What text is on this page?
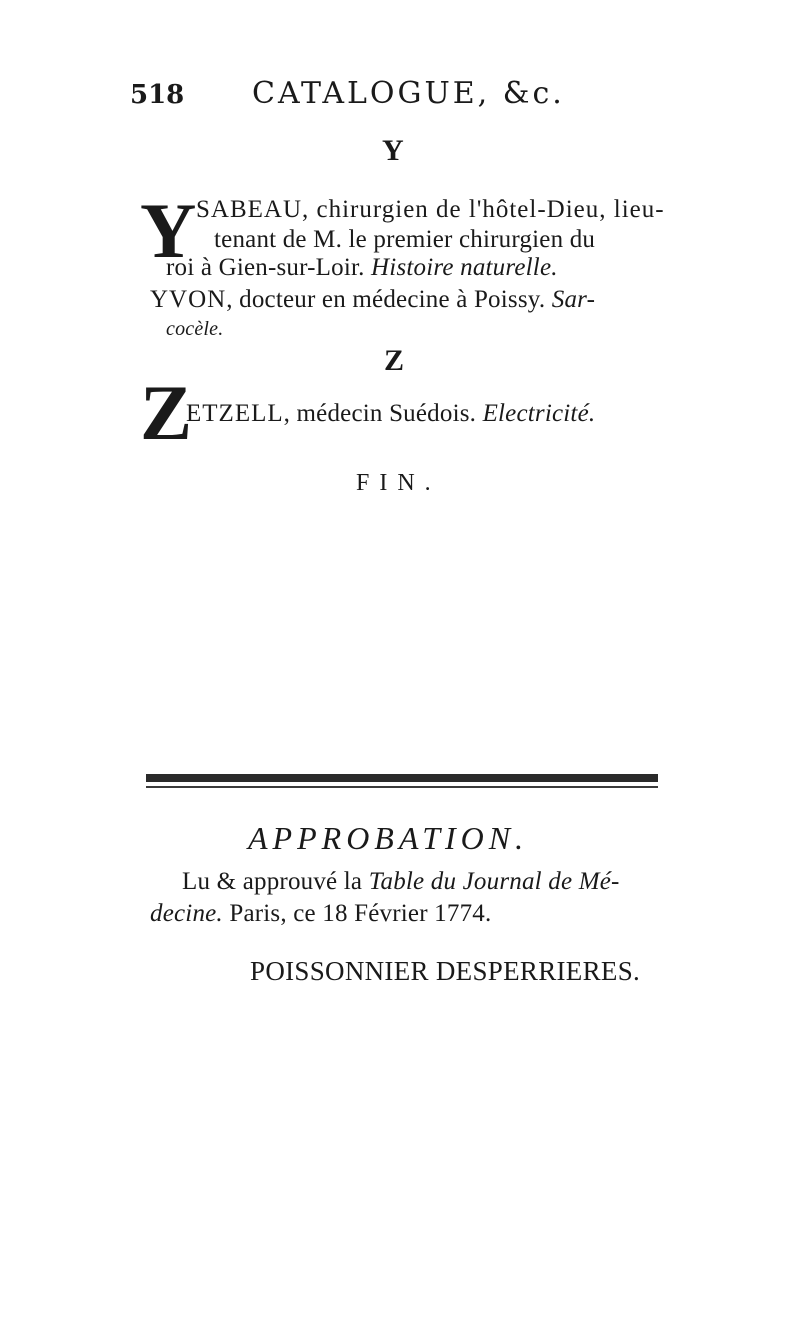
518 CATALOGUE, &c.
Y
Y SABEAU, chirurgien de l'hôtel-Dieu, lieu-
tenant de M. le premier chirurgien du
roi à Gien-sur-Loir. Histoire naturelle.
YVON, docteur en médecine à Poissy. Sar-
cocèle.
Z
Z
ETZELL, médecin Suédois. Electricité.
FIN.
APPROBATION.
Lu & approuvé la Table du Journal de Mé-
decine. Paris, ce 18 Février 1774.
POISSONNIER DESPERRIERES.
